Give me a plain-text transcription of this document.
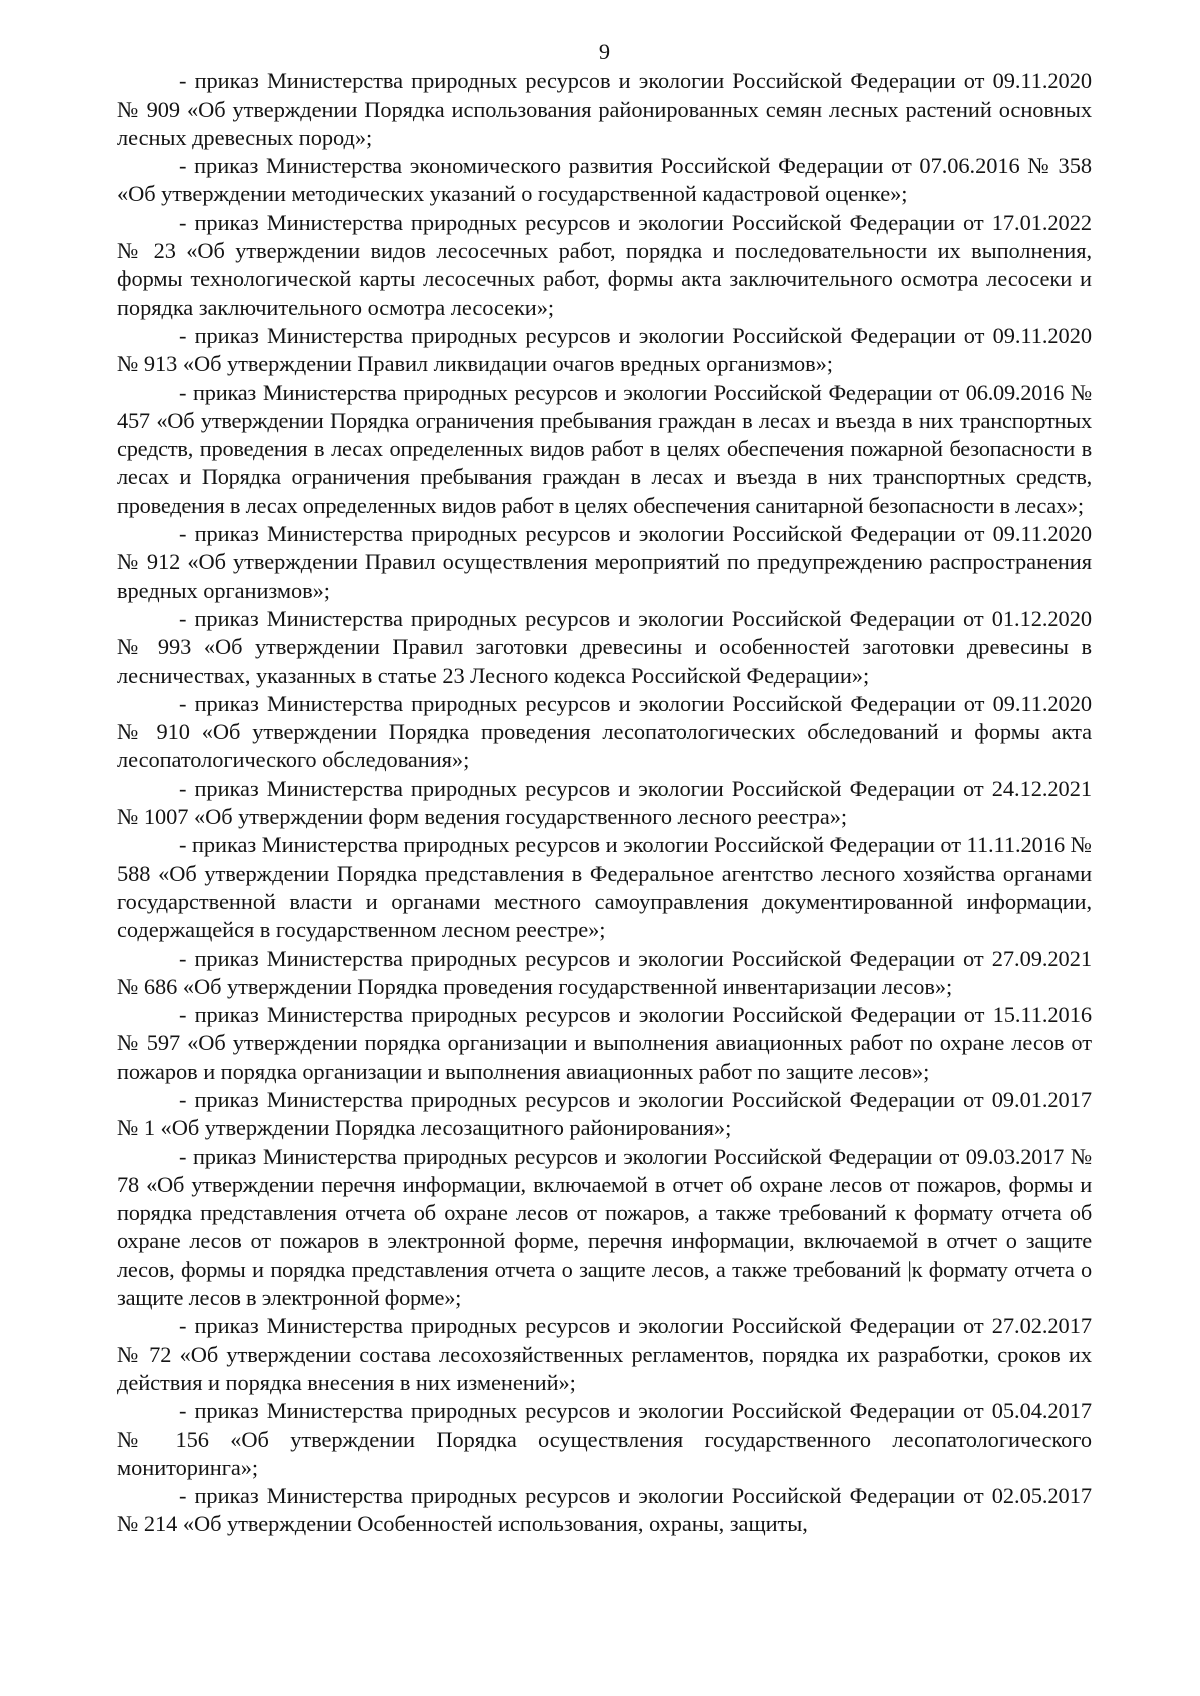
9

- приказ Министерства природных ресурсов и экологии Российской Федерации от 09.11.2020 № 909 «Об утверждении Порядка использования районированных семян лесных растений основных лесных древесных пород»;

- приказ Министерства экономического развития Российской Федерации от 07.06.2016 № 358 «Об утверждении методических указаний о государственной кадастровой оценке»;

- приказ Министерства природных ресурсов и экологии Российской Федерации от 17.01.2022 № 23 «Об утверждении видов лесосечных работ, порядка и последовательности их выполнения, формы технологической карты лесосечных работ, формы акта заключительного осмотра лесосеки и порядка заключительного осмотра лесосеки»;

- приказ Министерства природных ресурсов и экологии Российской Федерации от 09.11.2020 № 913 «Об утверждении Правил ликвидации очагов вредных организмов»;

- приказ Министерства природных ресурсов и экологии Российской Федерации от 06.09.2016 № 457 «Об утверждении Порядка ограничения пребывания граждан в лесах и въезда в них транспортных средств, проведения в лесах определенных видов работ в целях обеспечения пожарной безопасности в лесах и Порядка ограничения пребывания граждан в лесах и въезда в них транспортных средств, проведения в лесах определенных видов работ в целях обеспечения санитарной безопасности в лесах»;

- приказ Министерства природных ресурсов и экологии Российской Федерации от 09.11.2020 № 912 «Об утверждении Правил осуществления мероприятий по предупреждению распространения вредных организмов»;

- приказ Министерства природных ресурсов и экологии Российской Федерации от 01.12.2020 № 993 «Об утверждении Правил заготовки древесины и особенностей заготовки древесины в лесничествах, указанных в статье 23 Лесного кодекса Российской Федерации»;

- приказ Министерства природных ресурсов и экологии Российской Федерации от 09.11.2020 № 910 «Об утверждении Порядка проведения лесопатологических обследований и формы акта лесопатологического обследования»;

- приказ Министерства природных ресурсов и экологии Российской Федерации от 24.12.2021 № 1007 «Об утверждении форм ведения государственного лесного реестра»;

- приказ Министерства природных ресурсов и экологии Российской Федерации от 11.11.2016 № 588 «Об утверждении Порядка представления в Федеральное агентство лесного хозяйства органами государственной власти и органами местного самоуправления документированной информации, содержащейся в государственном лесном реестре»;

- приказ Министерства природных ресурсов и экологии Российской Федерации от 27.09.2021 № 686 «Об утверждении Порядка проведения государственной инвентаризации лесов»;

- приказ Министерства природных ресурсов и экологии Российской Федерации от 15.11.2016 № 597 «Об утверждении порядка организации и выполнения авиационных работ по охране лесов от пожаров и порядка организации и выполнения авиационных работ по защите лесов»;

- приказ Министерства природных ресурсов и экологии Российской Федерации от 09.01.2017 № 1 «Об утверждении Порядка лесозащитного районирования»;

- приказ Министерства природных ресурсов и экологии Российской Федерации от 09.03.2017 № 78 «Об утверждении перечня информации, включаемой в отчет об охране лесов от пожаров, формы и порядка представления отчета об охране лесов от пожаров, а также требований к формату отчета об охране лесов от пожаров в электронной форме, перечня информации, включаемой в отчет о защите лесов, формы и порядка представления отчета о защите лесов, а также требований |к формату отчета о защите лесов в электронной форме»;

- приказ Министерства природных ресурсов и экологии Российской Федерации от 27.02.2017 № 72 «Об утверждении состава лесохозяйственных регламентов, порядка их разработки, сроков их действия и порядка внесения в них изменений»;

- приказ Министерства природных ресурсов и экологии Российской Федерации от 05.04.2017 № 156 «Об утверждении Порядка осуществления государственного лесопатологического мониторинга»;

- приказ Министерства природных ресурсов и экологии Российской Федерации от 02.05.2017 № 214 «Об утверждении Особенностей использования, охраны, защиты,
